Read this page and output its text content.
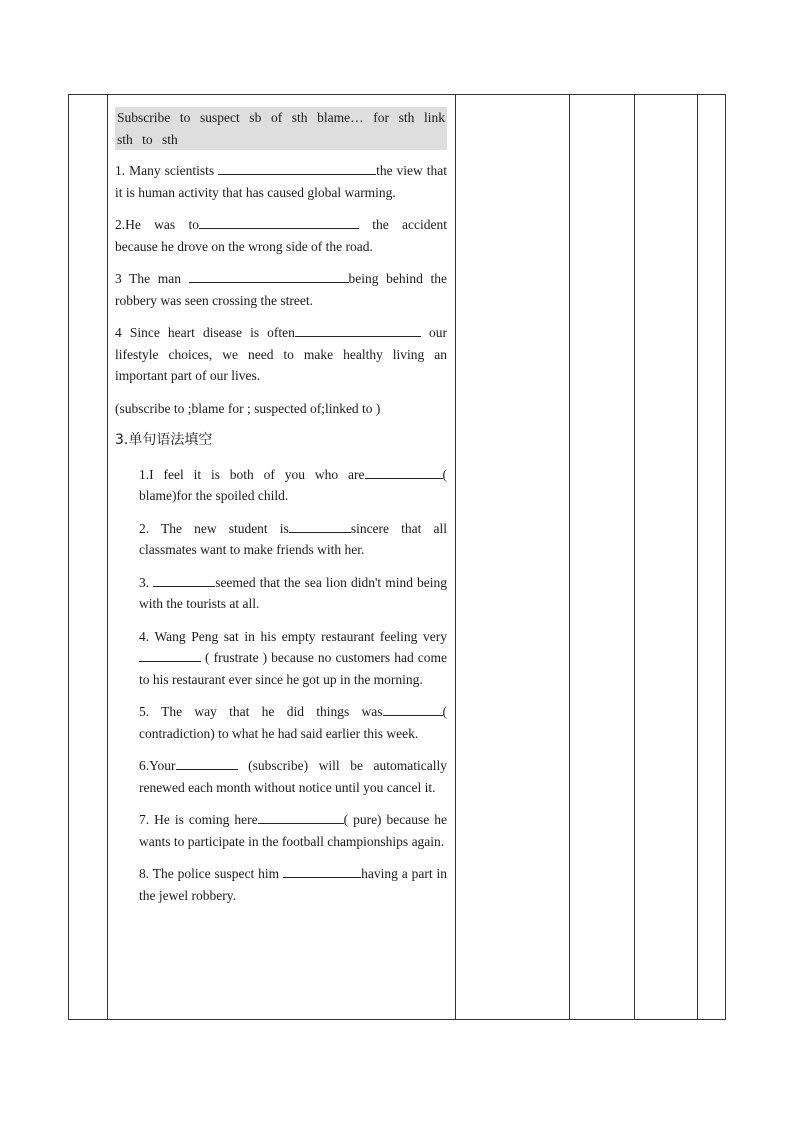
Subscribe to suspect sb of sth blame… for sth link sth to sth

1. Many scientists	the view that it is human activity that has caused global warming.

2.He was to	the accident because he drove on the wrong side of the road.

3 The man	being behind the robbery was seen crossing the street.

4 Since heart disease is often	our lifestyle choices, we need to make healthy living an important part of our lives.

(subscribe to ;blame for ; suspected of;linked to )

3.单句语法填空

1.I feel it is both of you who are	( blame)for the spoiled child.

2. The new student is	sincere that all classmates want to make friends with her.

3.	seemed that the sea lion didn't mind being with the tourists at all.

4. Wang Peng sat in his empty restaurant feeling very  ( frustrate ) because no customers had come to his restaurant ever since he got up in the morning.

5. The way that he did things was	( contradiction) to what he had said earlier this week.

6.Your	(subscribe) will be automatically renewed each month without notice until you cancel it.

7. He is coming here	( pure) because he wants to participate in the football championships again.

8. The police suspect him	having a part in the jewel robbery.
